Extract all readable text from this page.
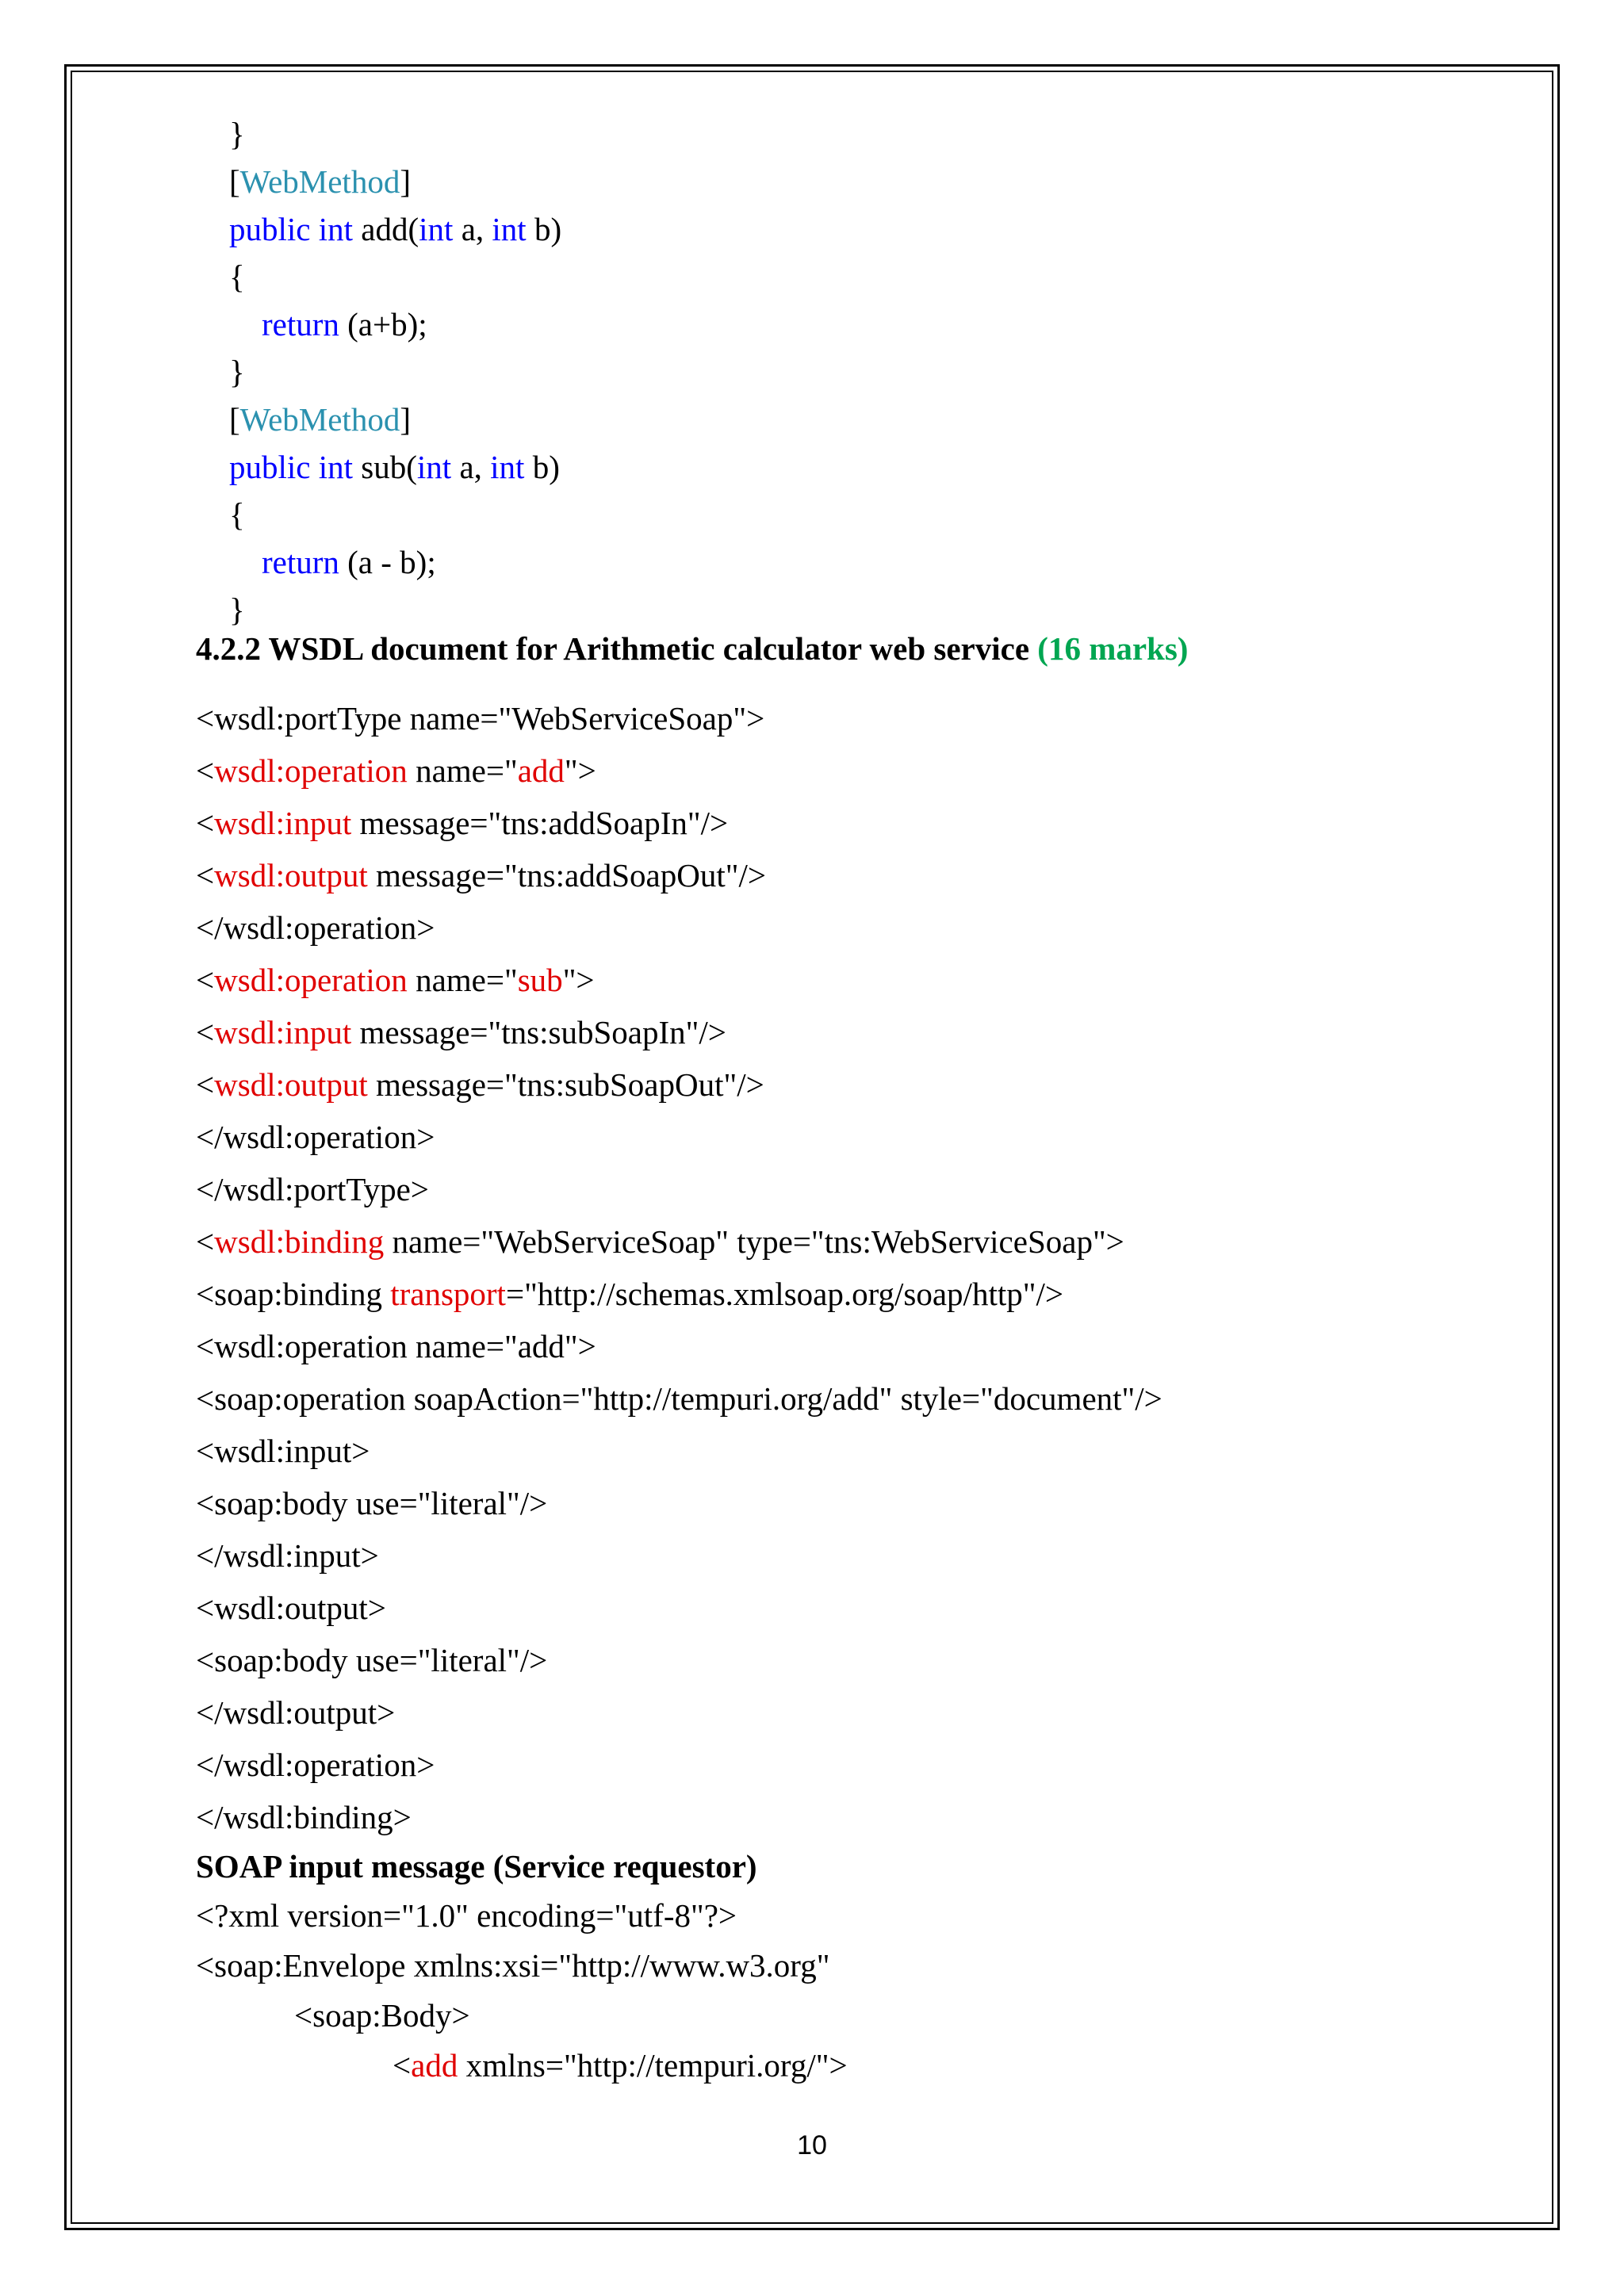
}
[WebMethod]
public int add(int a, int b)
{
return (a+b);
}
[WebMethod]
public int sub(int a, int b)
{
return (a - b);
}
4.2.2 WSDL document for Arithmetic calculator web service (16 marks)
<wsdl:portType name="WebServiceSoap">
<wsdl:operation name="add">
<wsdl:input message="tns:addSoapIn"/>
<wsdl:output message="tns:addSoapOut"/>
</wsdl:operation>
<wsdl:operation name="sub">
<wsdl:input message="tns:subSoapIn"/>
<wsdl:output message="tns:subSoapOut"/>
</wsdl:operation>
</wsdl:portType>
<wsdl:binding name="WebServiceSoap" type="tns:WebServiceSoap">
<soap:binding transport="http://schemas.xmlsoap.org/soap/http"/>
<wsdl:operation name="add">
<soap:operation soapAction="http://tempuri.org/add" style="document"/>
<wsdl:input>
<soap:body use="literal"/>
</wsdl:input>
<wsdl:output>
<soap:body use="literal"/>
</wsdl:output>
</wsdl:operation>
</wsdl:binding>
SOAP input message (Service requestor)
<?xml version="1.0" encoding="utf-8"?>
<soap:Envelope xmlns:xsi="http://www.w3.org"
<soap:Body>
<add xmlns="http://tempuri.org/">
10
